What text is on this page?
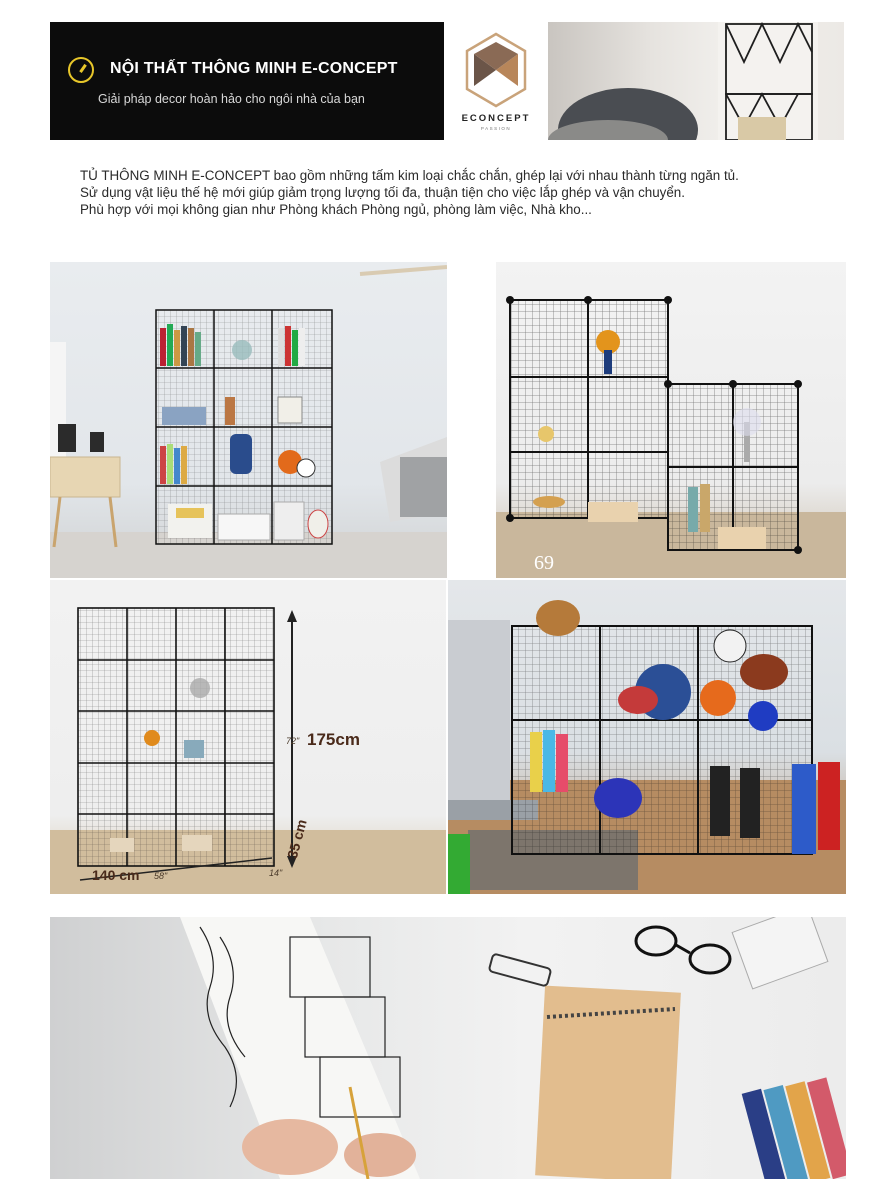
NỘI THẤT THÔNG MINH E-CONCEPT
Giải pháp decor hoàn hảo cho ngôi nhà của bạn
ECONCEPT
PASSION
TỦ THÔNG MINH E-CONCEPT bao gồm những tấm kim loại chắc chắn, ghép lại với nhau thành từng ngăn tủ.
Sử dụng vật liệu thế hệ mới giúp giảm trọng lượng tối đa, thuận tiện cho việc lắp ghép và vận chuyển.
Phù hợp với mọi không gian như Phòng khách Phòng ngủ, phòng làm việc, Nhà kho...
69
175cm
72"
140 cm 58"
35 cm
14"
